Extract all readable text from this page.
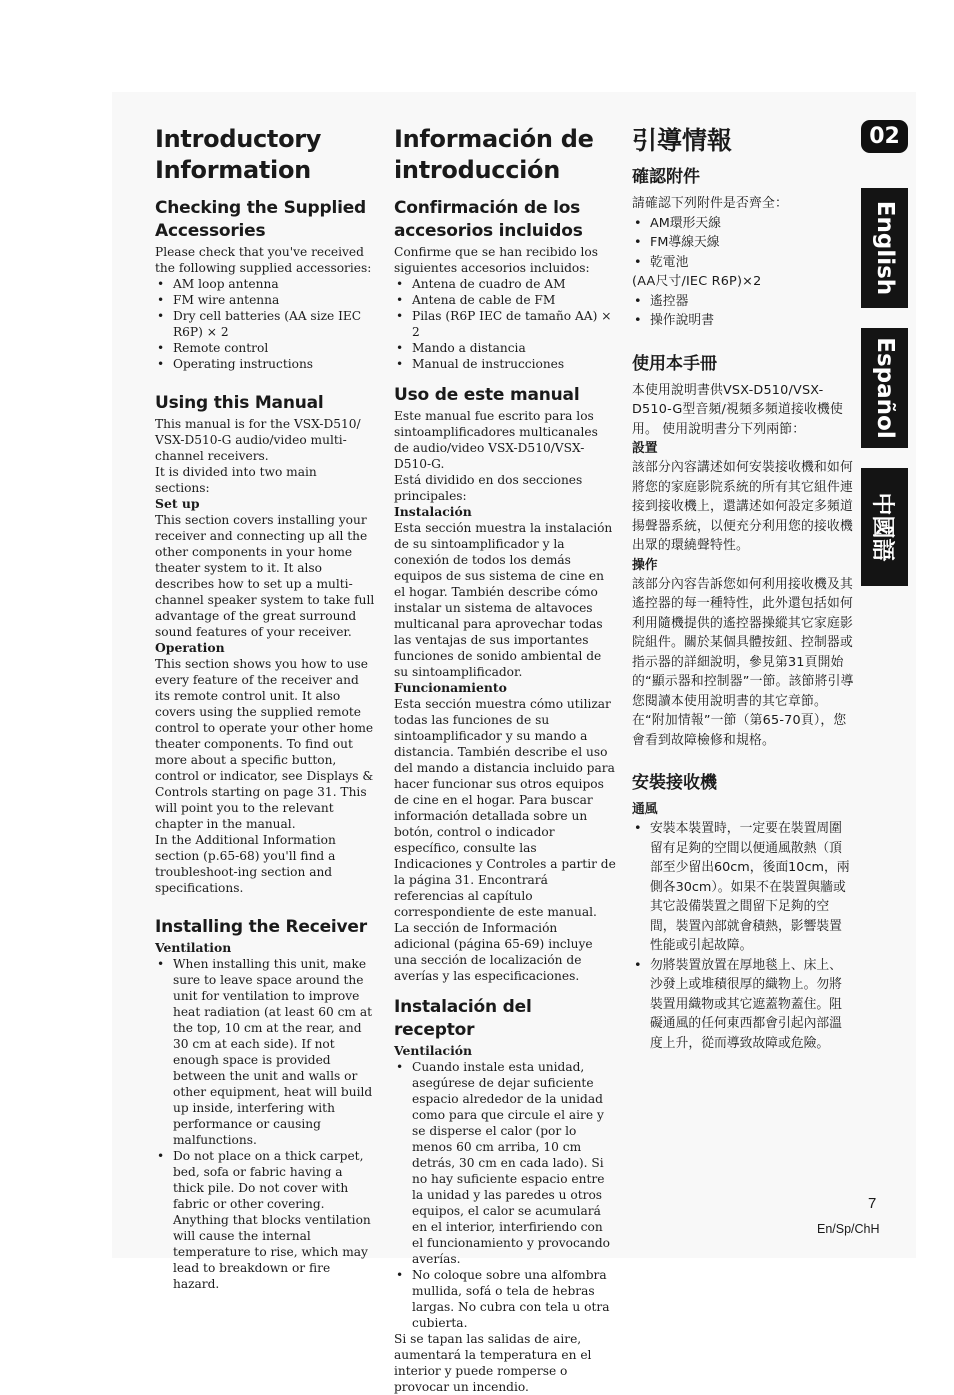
Introductory Information
Checking the Supplied Accessories

Please check that you've received the following supplied accessories:

• AM loop antenna
• FM wire antenna
• Dry cell batteries (AA size IEC R6P) × 2
• Remote control
• Operating instructions
Using this Manual

This manual is for the VSX-D510/ VSX-D510-G audio/video multi-channel receivers.

It is divided into two main sections:

Set up

This section covers installing your receiver and connecting up all the other components in your home theater system to it. It also describes how to set up a multi-channel speaker system to take full advantage of the great surround sound features of your receiver.

Operation

This section shows you how to use every feature of the receiver and its remote control unit. It also covers using the supplied remote control to operate your other home theater components. To find out more about a specific button, control or indicator, see Displays & Controls starting on page 31. This will point you to the relevant chapter in the manual.

In the Additional Information section (p.65-68) you'll find a troubleshoot-ing section and specifications.

Installing the Receiver

Ventilation

• When installing this unit, make sure to leave space around the unit for ventilation to improve heat radiation (at least 60 cm at the top, 10 cm at the rear, and 30 cm at each side). If not enough space is provided between the unit and walls or other equipment, heat will build up inside, interfering with performance or causing malfunctions.
• Do not place on a thick carpet, bed, sofa or fabric having a thick pile. Do not cover with fabric or other covering. Anything that blocks ventilation will cause the internal temperature to rise, which may lead to breakdown or fire hazard.
Información de introducción
Confirmación de los accesorios incluidos

Confirme que se han recibido los siguientes accesorios incluidos:

• Antena de cuadro de AM
• Antena de cable de FM
• Pilas (R6P IEC de tamaño AA) × 2
• Mando a distancia
• Manual de instrucciones
Uso de este manual

Este manual fue escrito para los sintoamplificadores multicanales de audio/video VSX-D510/VSX-D510-G.

Está dividido en dos secciones principales:

Instalación

Esta sección muestra la instalación de su sintoamplificador y la conexión de todos los demás equipos de sus sistema de cine en el hogar. También describe cómo instalar un sistema de altavoces multicanal para aprovechar todas las ventajas de sus importantes funciones de sonido ambiental de su sintoamplificador.

Funcionamiento

Esta sección muestra cómo utilizar todas las funciones de su sintoamplificador y su mando a distancia. También describe el uso del mando a distancia incluido para hacer funcionar sus otros equipos de cine en el hogar. Para buscar información detallada sobre un botón, control o indicador específico, consulte las Indicaciones y Controles a partir de la página 31. Encontrará referencias al capítulo correspondiente de este manual.

La sección de Información adicional (página 65-69) incluye una sección de localización de averías y las especificaciones.

Instalación del receptor

Ventilación

• Cuando instale esta unidad, asegúrese de dejar suficiente espacio alrededor de la unidad como para que circule el aire y se disperse el calor (por lo menos 60 cm arriba, 10 cm detrás, 30 cm en cada lado). Si no hay suficiente espacio entre la unidad y las paredes u otros equipos, el calor se acumulará en el interior, interfiriendo con el funcionamiento y provocando averías.
• No coloque sobre una alfombra mullida, sofá o tela de hebras largas. No cubra con tela u otra cubierta.

Si se tapan las salidas de aire, aumentará la temperatura en el interior y puede romperse o provocar un incendio.

引導情報
確認附件

請確認下列附件是否齊全：

• AM環形天線
• FM導線天線
• 乾電池

(AA尺寸/IEC R6P)×2

• 遙控器
• 操作說明書
使用本手冊

本使用說明書供VSX-D510/VSX-D510-G型音頻/視頻多頻道接收機使用。 使用說明書分下列兩節：

設置

該部分內容講述如何安裝接收機和如何將您的家庭影院系統的所有其它組件連接到接收機上，還講述如何設定多頻道揚聲器系統，以便充分利用您的接收機出眾的環繞聲特性。

操作

該部分內容告訴您如何利用接收機及其遙控器的每一種特性，此外還包括如何利用隨機提供的遙控器操縱其它家庭影院組件。關於某個具體按鈕、控制器或指示器的詳細說明，參見第31頁開始的“顯示器和控制器”一節。該節將引導您閱讀本使用說明書的其它章節。在“附加情報”一節（第65-70頁），您會看到故障檢修和規格。

安裝接收機

通風

• 安裝本裝置時，一定要在裝置周圍留有足夠的空間以便通風散熱（頂部至少留出60cm，後面10cm，兩側各30cm）。如果不在裝置與牆或其它設備裝置之間留下足夠的空間，裝置內部就會積熱，影響裝置性能或引起故障。
• 勿將裝置放置在厚地毯上、床上、沙發上或堆積很厚的織物上。勿將裝置用織物或其它遮蓋物蓋住。阻礙通風的任何東西都會引起內部溫度上升，從而導致故障或危險。
02
English
Español
中國語
7
En/Sp/ChH
